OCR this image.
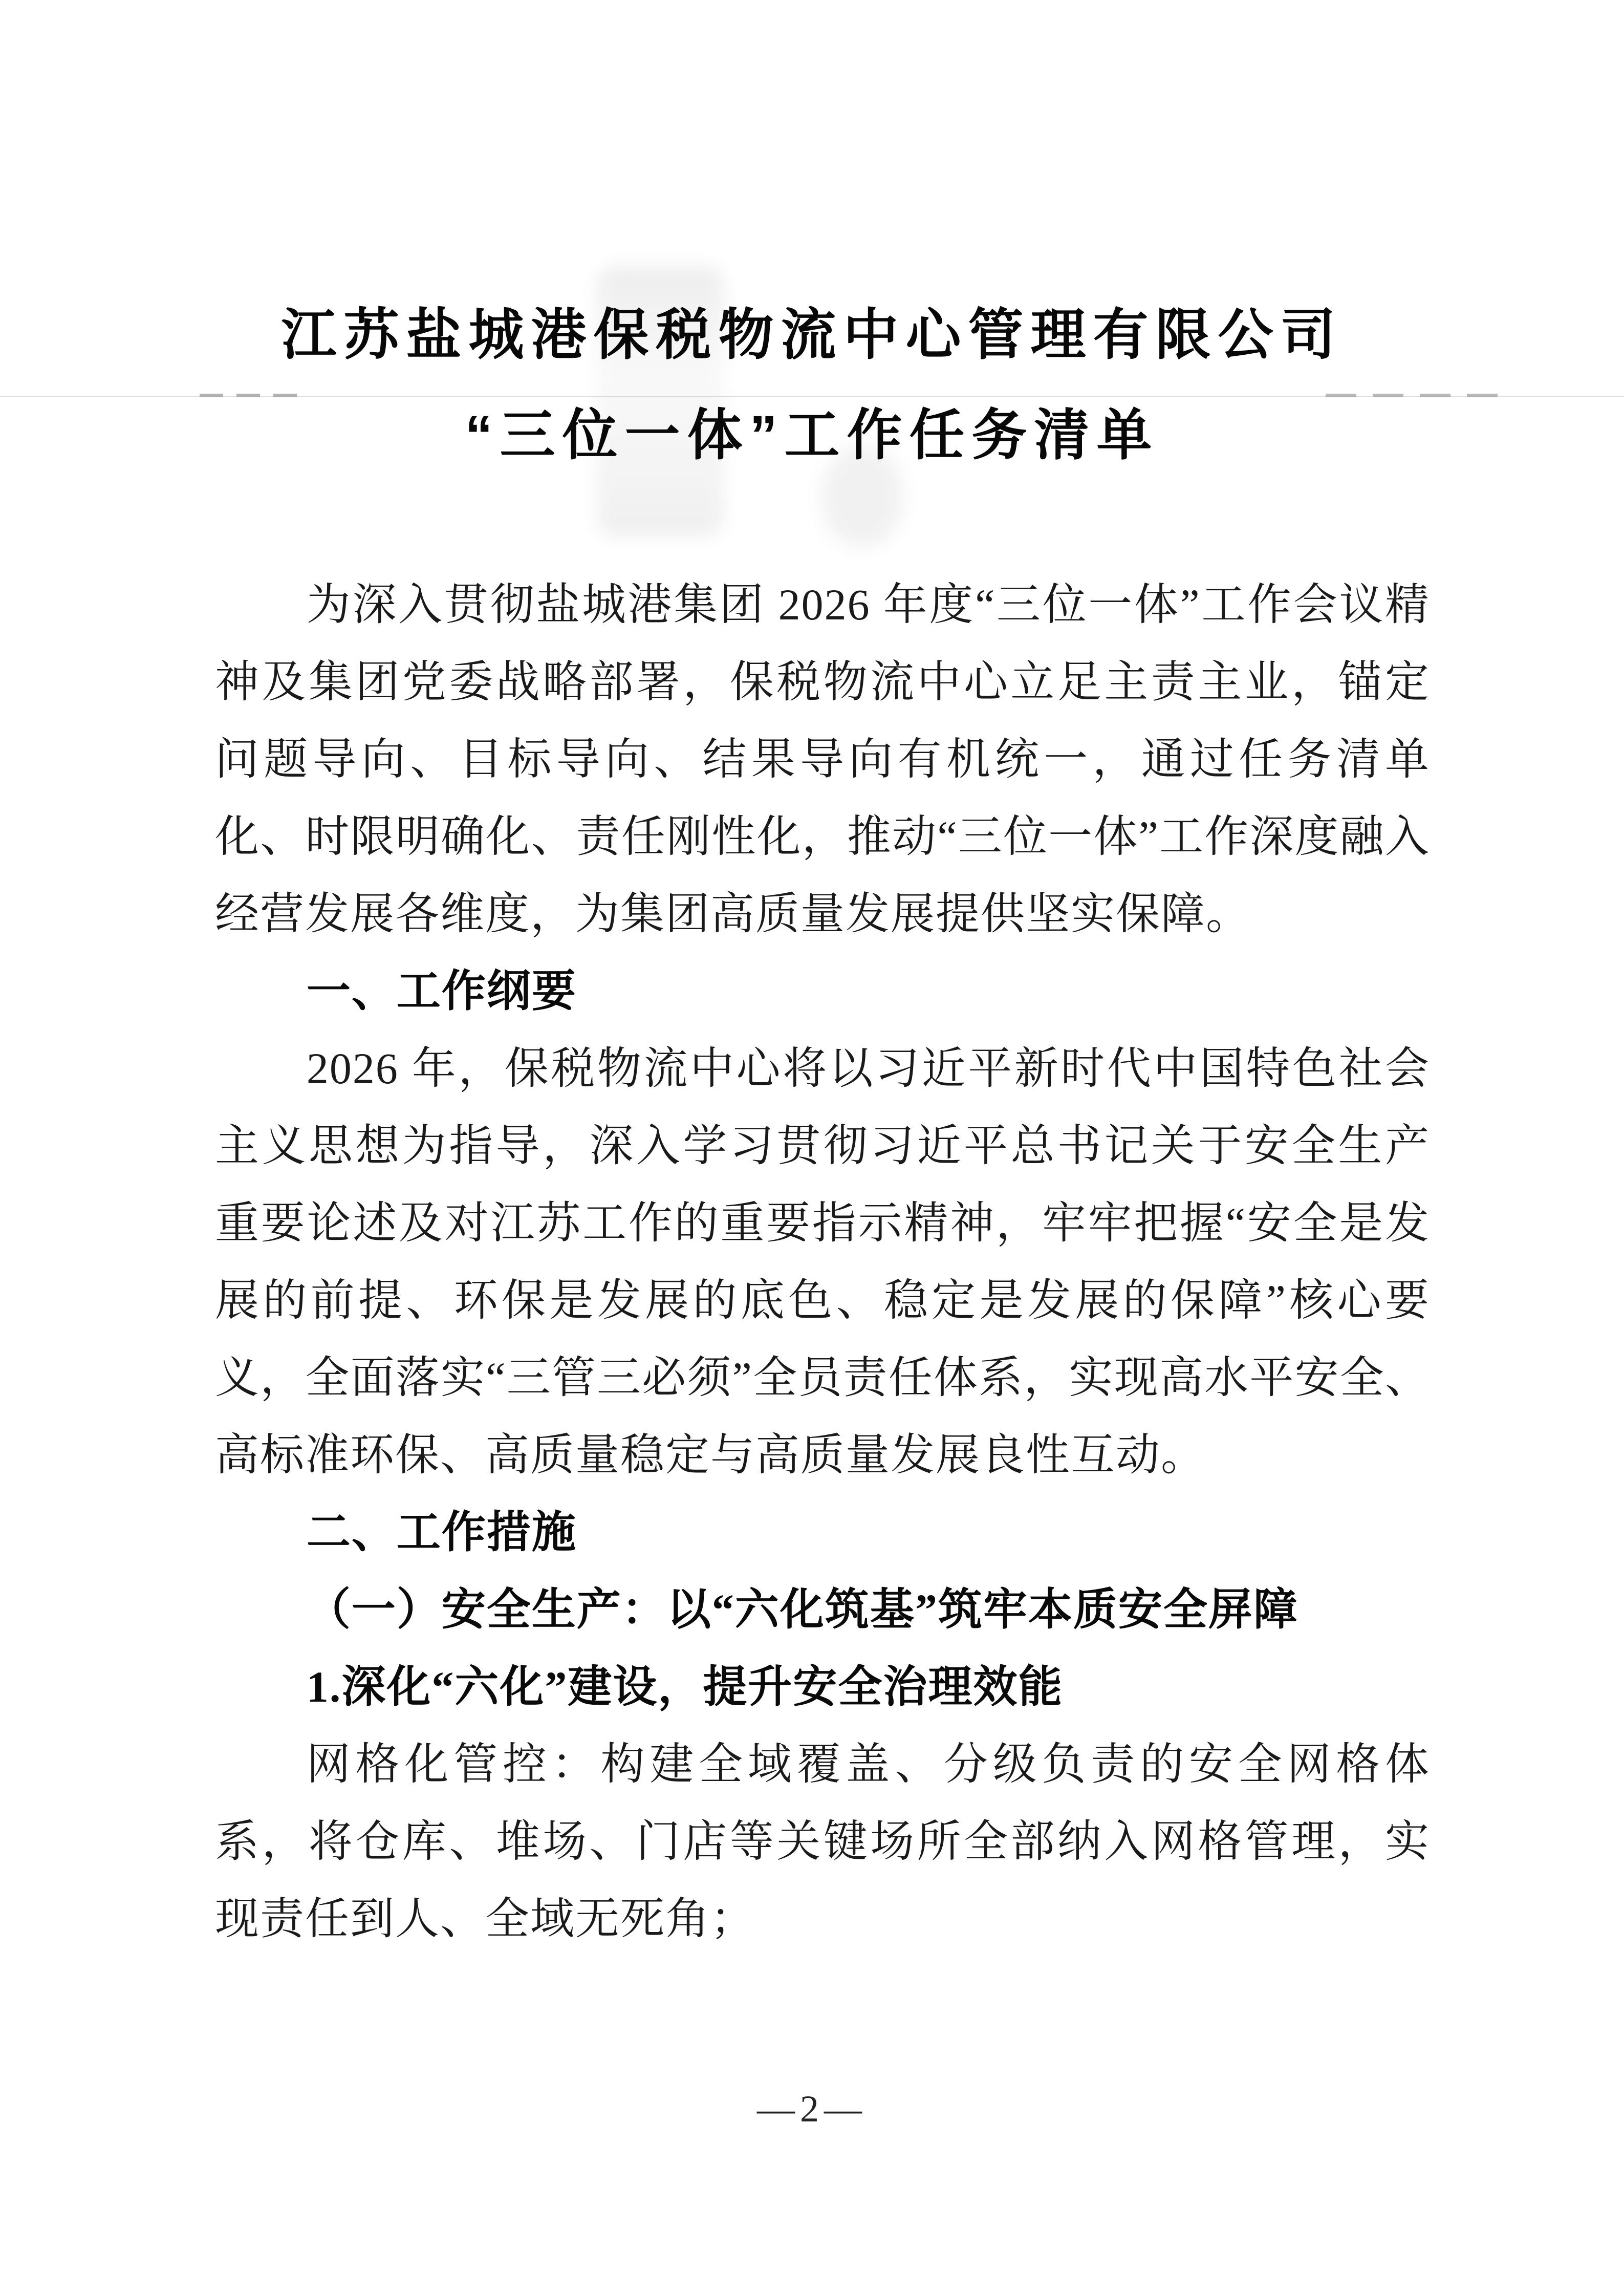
江苏盐城港保税物流中心管理有限公司
“三位一体”工作任务清单

为深入贯彻盐城港集团 2026 年度“三位一体”工作会议精神及集团党委战略部署，保税物流中心立足主责主业，锚定问题导向、目标导向、结果导向有机统一，通过任务清单化、时限明确化、责任刚性化，推动“三位一体”工作深度融入经营发展各维度，为集团高质量发展提供坚实保障。

一、工作纲要

2026 年，保税物流中心将以习近平新时代中国特色社会主义思想为指导，深入学习贯彻习近平总书记关于安全生产重要论述及对江苏工作的重要指示精神，牢牢把握“安全是发展的前提、环保是发展的底色、稳定是发展的保障”核心要义，全面落实“三管三必须”全员责任体系，实现高水平安全、高标准环保、高质量稳定与高质量发展良性互动。

二、工作措施

（一）安全生产：以“六化筑基”筑牢本质安全屏障

1.深化“六化”建设，提升安全治理效能

网格化管控：构建全域覆盖、分级负责的安全网格体系，将仓库、堆场、门店等关键场所全部纳入网格管理，实现责任到人、全域无死角；

—2—
